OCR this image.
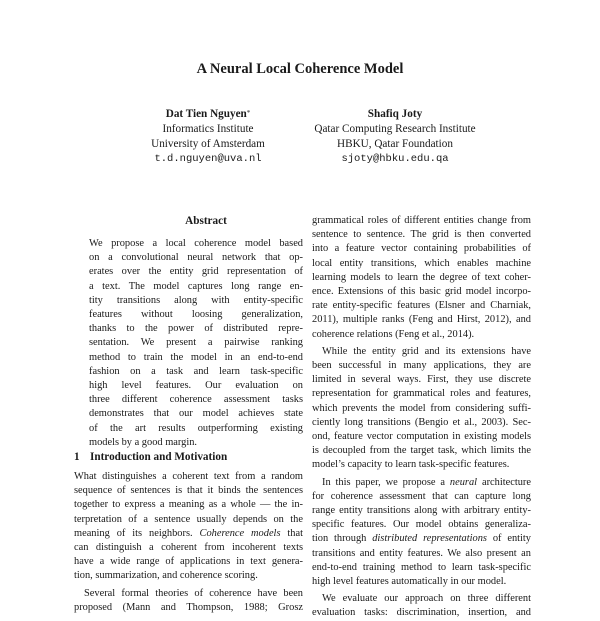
A Neural Local Coherence Model
Dat Tien Nguyen*
Informatics Institute
University of Amsterdam
t.d.nguyen@uva.nl
Shafiq Joty
Qatar Computing Research Institute
HBKU, Qatar Foundation
sjoty@hbku.edu.qa
Abstract
We propose a local coherence model based
on a convolutional neural network that op-
erates over the entity grid representation of
a text. The model captures long range en-
tity transitions along with entity-specific
features without loosing generalization,
thanks to the power of distributed repre-
sentation. We present a pairwise ranking
method to train the model in an end-to-end
fashion on a task and learn task-specific
high level features. Our evaluation on
three different coherence assessment tasks
demonstrates that our model achieves state
of the art results outperforming existing
models by a good margin.
1 Introduction and Motivation
What distinguishes a coherent text from a random
sequence of sentences is that it binds the sentences
together to express a meaning as a whole — the in-
terpretation of a sentence usually depends on the
meaning of its neighbors. Coherence models that
can distinguish a coherent from incoherent texts
have a wide range of applications in text genera-
tion, summarization, and coherence scoring.
Several formal theories of coherence have been
proposed (Mann and Thompson, 1988; Grosz
grammatical roles of different entities change from
sentence to sentence. The grid is then converted
into a feature vector containing probabilities of
local entity transitions, which enables machine
learning models to learn the degree of text coher-
ence. Extensions of this basic grid model incorpo-
rate entity-specific features (Elsner and Charniak,
2011), multiple ranks (Feng and Hirst, 2012), and
coherence relations (Feng et al., 2014).
While the entity grid and its extensions have
been successful in many applications, they are
limited in several ways. First, they use discrete
representation for grammatical roles and features,
which prevents the model from considering suffi-
ciently long transitions (Bengio et al., 2003). Sec-
ond, feature vector computation in existing models
is decoupled from the target task, which limits the
model’s capacity to learn task-specific features.
In this paper, we propose a neural architecture
for coherence assessment that can capture long
range entity transitions along with arbitrary entity-
specific features. Our model obtains generaliza-
tion through distributed representations of entity
transitions and entity features. We also present an
end-to-end training method to learn task-specific
high level features automatically in our model.
We evaluate our approach on three different
evaluation tasks: discrimination, insertion, and
